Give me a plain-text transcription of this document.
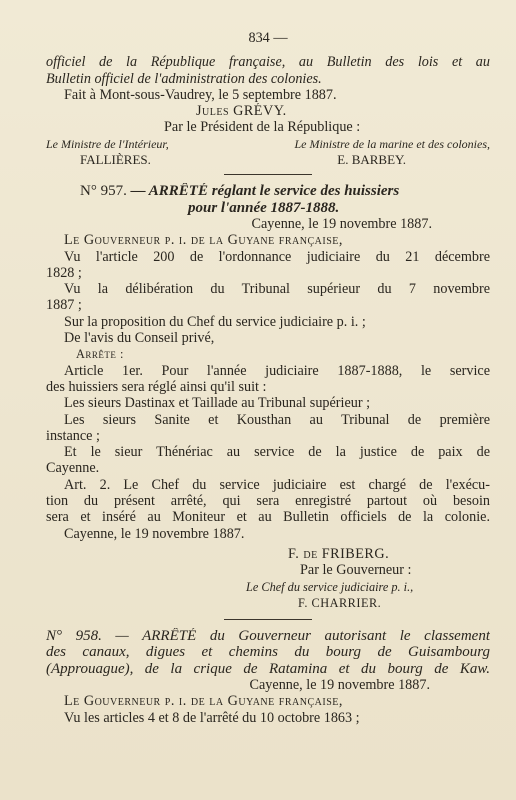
834 —
officiel de la République française, au Bulletin des lois et au
Bulletin officiel de l'administration des colonies.
Fait à Mont-sous-Vaudrey, le 5 septembre 1887.
Jules GRÉVY.
Par le Président de la République :
Le Ministre de l'Intérieur,	Le Ministre de la marine et des colonies,
FALLIÈRES.	E. BARBEY.
N° 957. — ARRÊTÉ réglant le service des huissiers
pour l'année 1887-1888.
Cayenne, le 19 novembre 1887.
Le Gouverneur p. i. de la Guyane française,
Vu l'article 200 de l'ordonnance judiciaire du 21 décembre
1828 ;
Vu la délibération du Tribunal supérieur du 7 novembre
1887 ;
Sur la proposition du Chef du service judiciaire p. i. ;
De l'avis du Conseil privé,
Arrête :
Article 1er. Pour l'année judiciaire 1887-1888, le service
des huissiers sera réglé ainsi qu'il suit :
Les sieurs Dastinax et Taillade au Tribunal supérieur ;
Les sieurs Sanite et Kousthan au Tribunal de première
instance ;
Et le sieur Thénériac au service de la justice de paix de
Cayenne.
Art. 2. Le Chef du service judiciaire est chargé de l'exécu-
tion du présent arrêté, qui sera enregistré partout où besoin
sera et inséré au Moniteur et au Bulletin officiels de la colonie.
Cayenne, le 19 novembre 1887.
F. de FRIBERG.
Par le Gouverneur :
Le Chef du service judiciaire p. i.,
F. CHARRIER.
N° 958. — ARRÊTÉ du Gouverneur autorisant le classement
des canaux, digues et chemins du bourg de Guisambourg
(Approuague), de la crique de Ratamina et du bourg de Kaw.
Cayenne, le 19 novembre 1887.
Le Gouverneur p. i. de la Guyane française,
Vu les articles 4 et 8 de l'arrêté du 10 octobre 1863 ;
